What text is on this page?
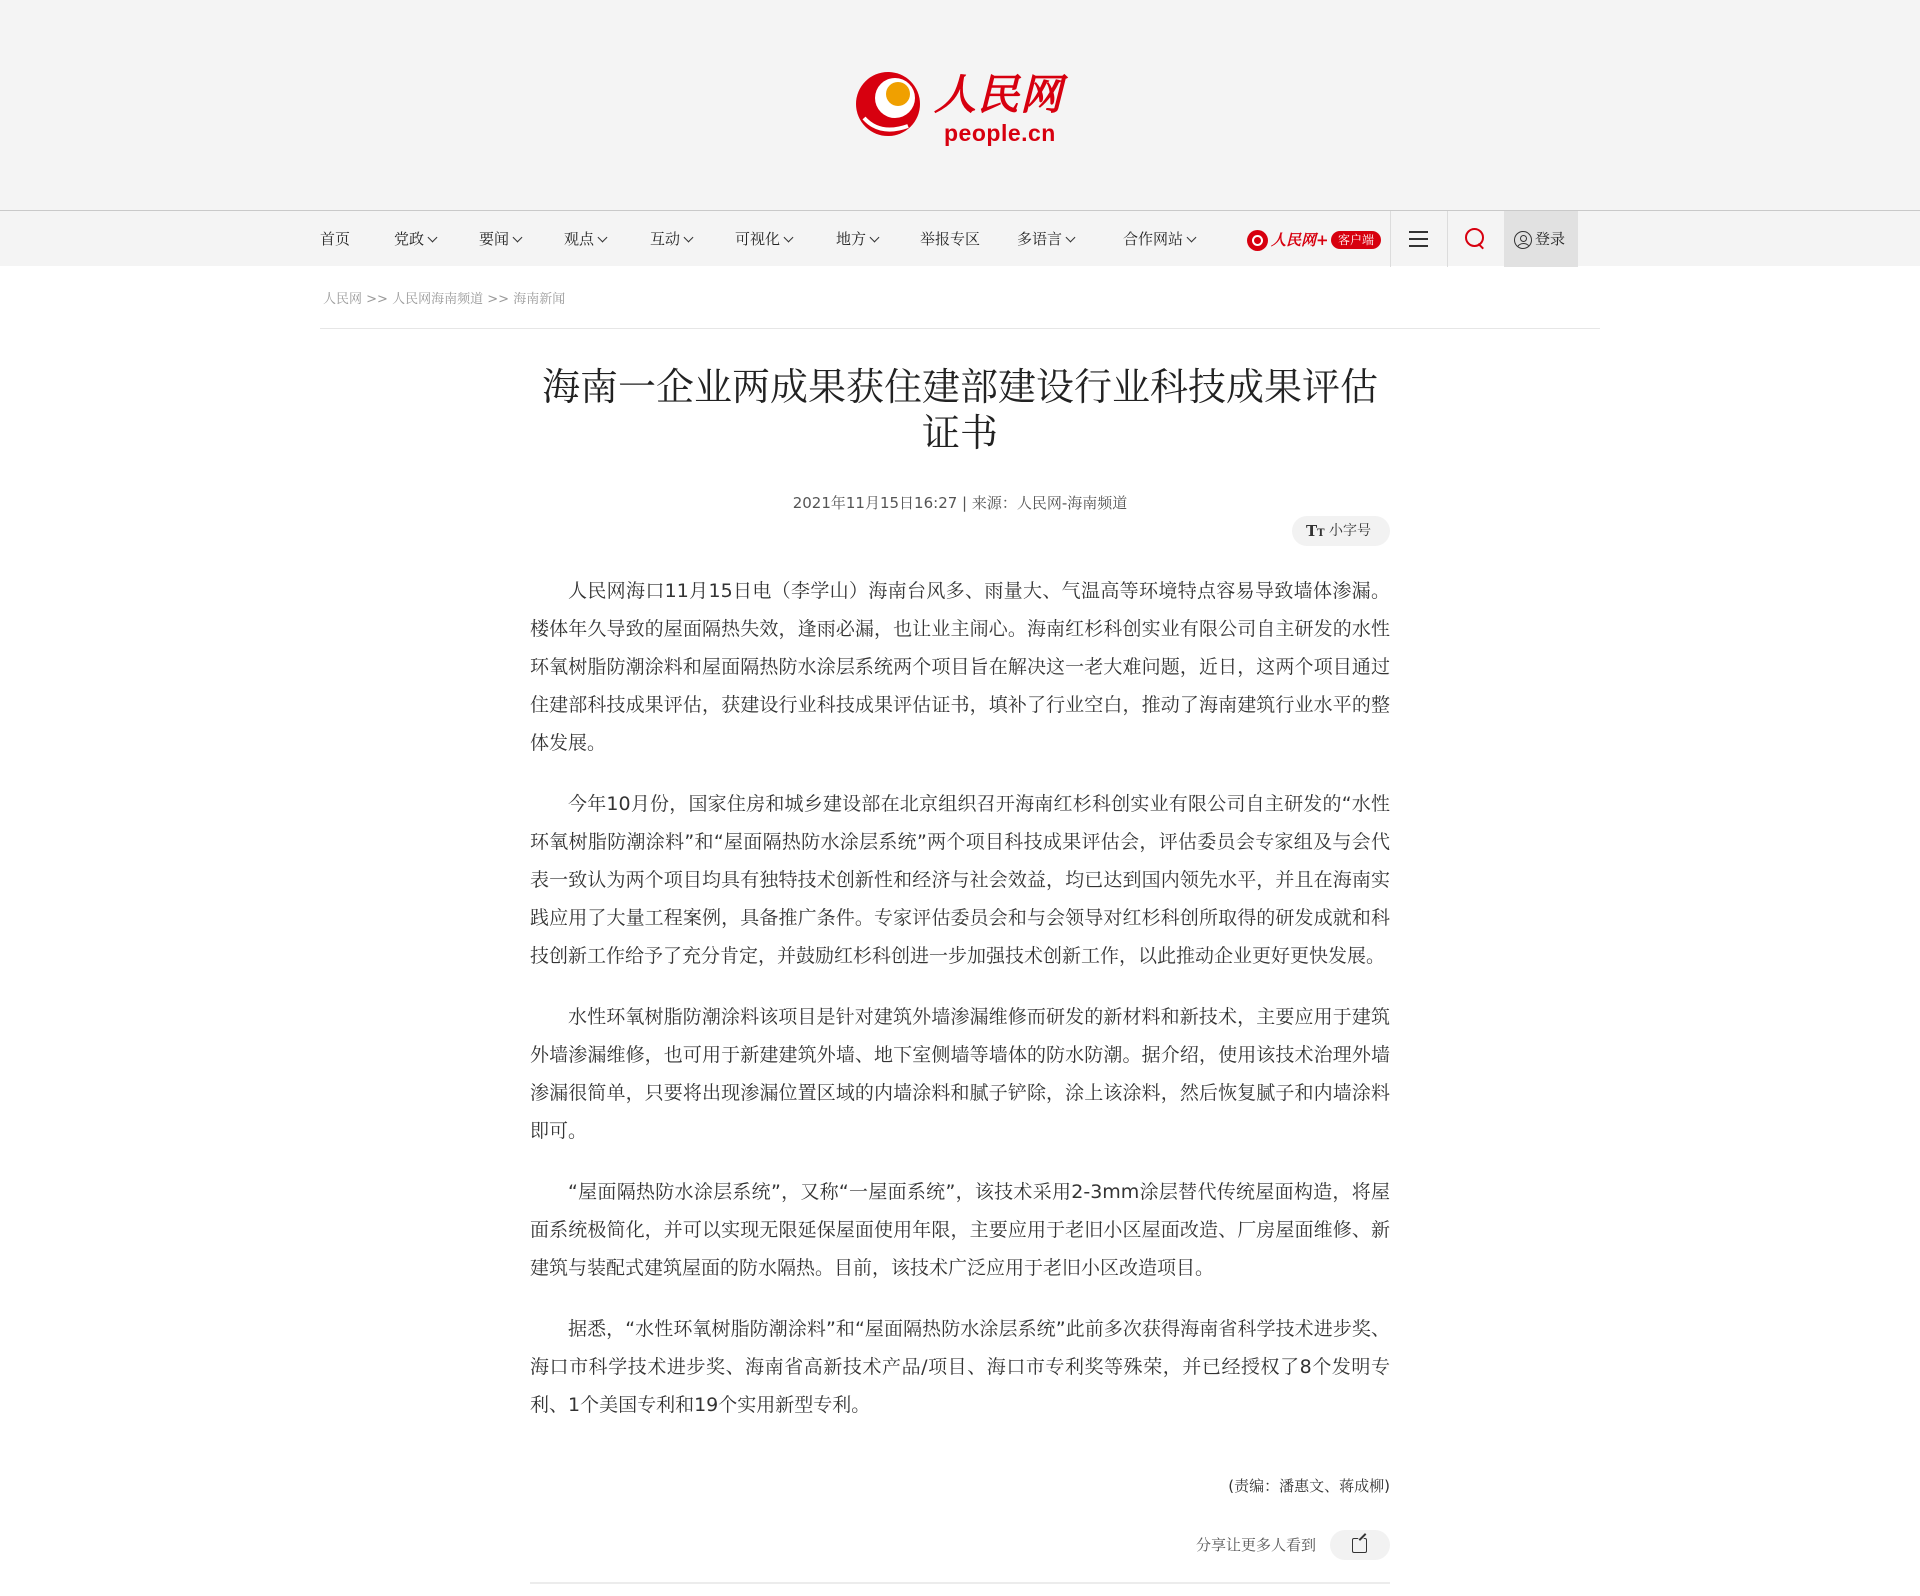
人民网
people.cn
首页	党政	要闻	观点	互动	可视化	地方	举报专区 多语言	合作网站	人民网+ 客户端	登录
人民网 >> 人民网海南频道 >> 海南新闻
海南一企业两成果获住建部建设行业科技成果评估证书
2021年11月15日16:27 | 来源：人民网-海南频道
TT 小字号

人民网海口11月15日电（李学山）海南台风多、雨量大、气温高等环境特点容易导致墙体渗漏。楼体年久导致的屋面隔热失效，逢雨必漏，也让业主闹心。海南红杉科创实业有限公司自主研发的水性环氧树脂防潮涂料和屋面隔热防水涂层系统两个项目旨在解决这一老大难问题，近日，这两个项目通过住建部科技成果评估，获建设行业科技成果评估证书，填补了行业空白，推动了海南建筑行业水平的整体发展。

今年10月份，国家住房和城乡建设部在北京组织召开海南红杉科创实业有限公司自主研发的“水性环氧树脂防潮涂料”和“屋面隔热防水涂层系统”两个项目科技成果评估会，评估委员会专家组及与会代表一致认为两个项目均具有独特技术创新性和经济与社会效益，均已达到国内领先水平，并且在海南实践应用了大量工程案例，具备推广条件。专家评估委员会和与会领导对红杉科创所取得的研发成就和科技创新工作给予了充分肯定，并鼓励红杉科创进一步加强技术创新工作，以此推动企业更好更快发展。

水性环氧树脂防潮涂料该项目是针对建筑外墙渗漏维修而研发的新材料和新技术，主要应用于建筑外墙渗漏维修，也可用于新建建筑外墙、地下室侧墙等墙体的防水防潮。据介绍，使用该技术治理外墙渗漏很简单，只要将出现渗漏位置区域的内墙涂料和腻子铲除，涂上该涂料，然后恢复腻子和内墙涂料即可。

“屋面隔热防水涂层系统”，又称“一屋面系统”，该技术采用2-3mm涂层替代传统屋面构造，将屋面系统极简化，并可以实现无限延保屋面使用年限，主要应用于老旧小区屋面改造、厂房屋面维修、新建筑与装配式建筑屋面的防水隔热。目前，该技术广泛应用于老旧小区改造项目。

据悉，“水性环氧树脂防潮涂料”和“屋面隔热防水涂层系统”此前多次获得海南省科学技术进步奖、海口市科学技术进步奖、海南省高新技术产品/项目、海口市专利奖等殊荣，并已经授权了8个发明专利、1个美国专利和19个实用新型专利。

(责编：潘惠文、蒋成柳)
分享让更多人看到
